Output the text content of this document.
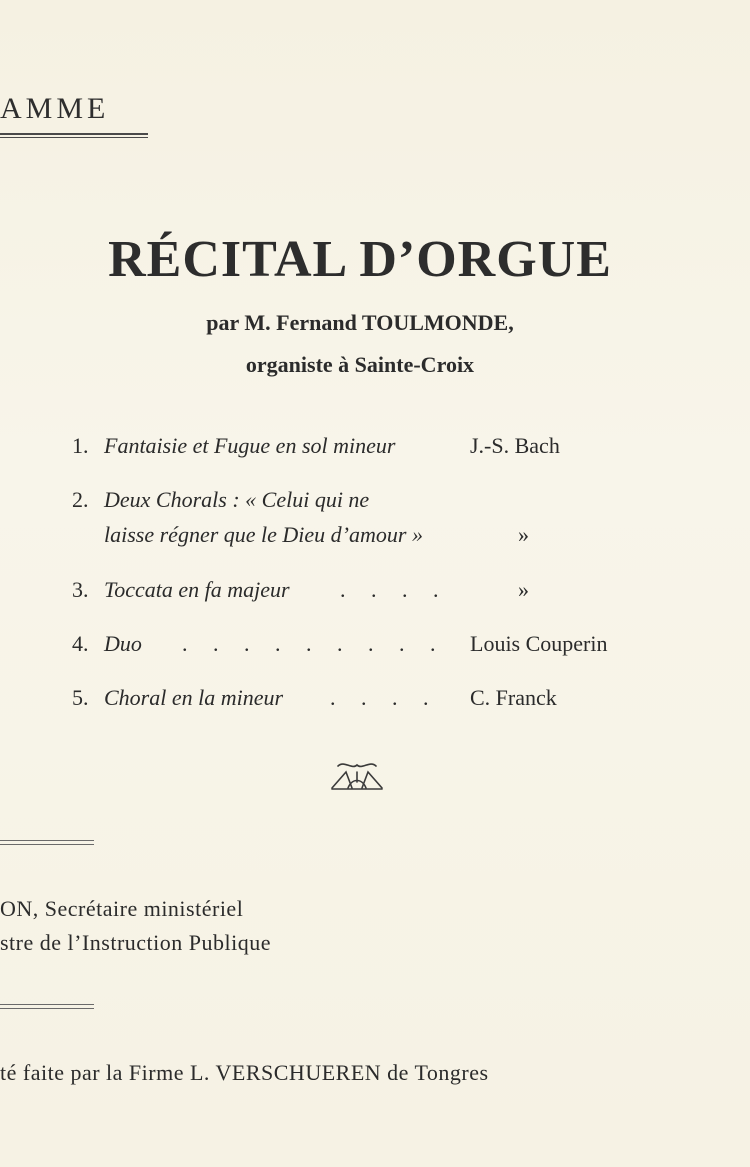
AMME
RÉCITAL D’ORGUE
par M. Fernand TOULMONDE,
organiste à Sainte-Croix
1. Fantaisie et Fugue en sol mineur	J.-S. Bach
2. Deux Chorals : « Celui qui ne
laisse régner que le Dieu d’amour »	»
3. Toccata en fa majeur . . . .	»
4. Duo . . . . . . . . . Louis Couperin
5. Choral en la mineur . . . . C. Franck
ON, Secrétaire ministériel
stre de l’Instruction Publique
té faite par la Firme L. VERSCHUEREN de Tongres
